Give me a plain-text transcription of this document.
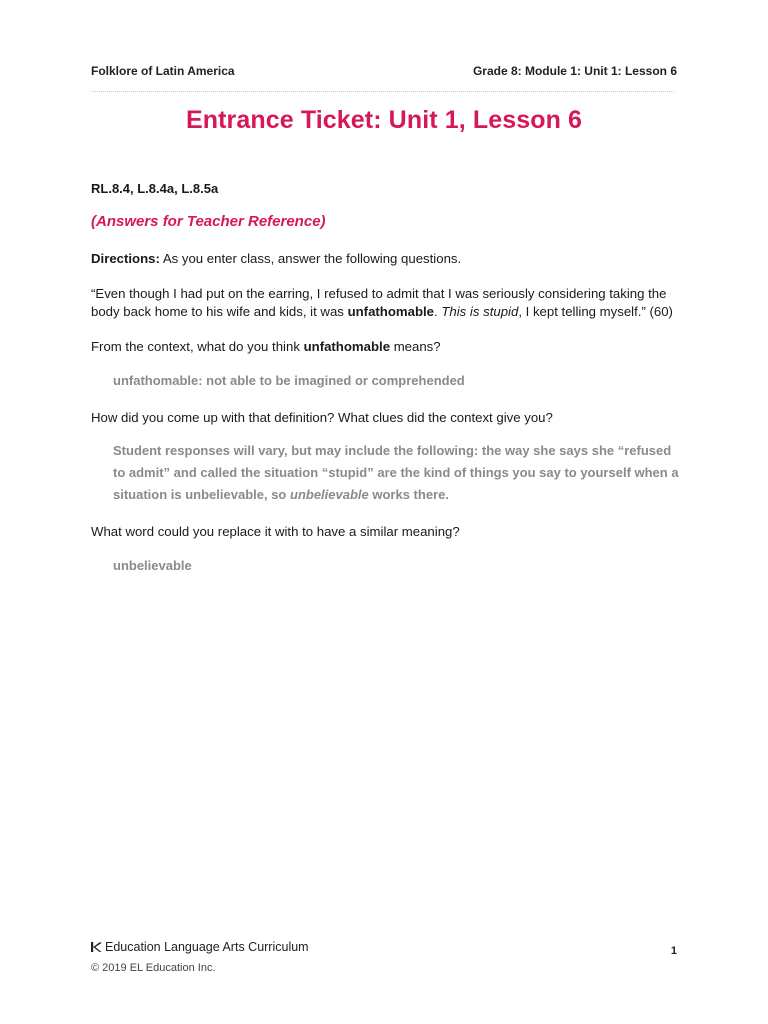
Folklore of Latin America	Grade 8: Module 1: Unit 1: Lesson 6
Entrance Ticket: Unit 1, Lesson 6

RL.8.4, L.8.4a, L.8.5a

(Answers for Teacher Reference)

Directions: As you enter class, answer the following questions.

“Even though I had put on the earring, I refused to admit that I was seriously considering taking the body back home to his wife and kids, it was unfathomable. This is stupid, I kept telling myself.” (60)

From the context, what do you think unfathomable means?

unfathomable: not able to be imagined or comprehended

How did you come up with that definition? What clues did the context give you?

Student responses will vary, but may include the following: the way she says she “refused to admit” and called the situation “stupid” are the kind of things you say to yourself when a situation is unbelievable, so unbelievable works there.

What word could you replace it with to have a similar meaning?

unbelievable

Education Language Arts Curriculum
© 2019 EL Education Inc.
1
